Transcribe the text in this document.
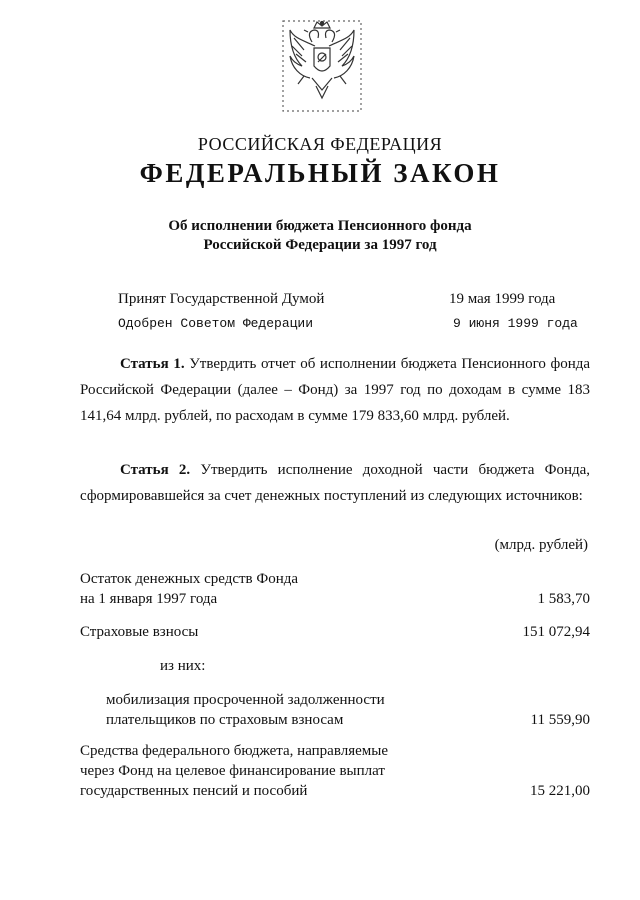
РОССИЙСКАЯ ФЕДЕРАЦИЯ
ФЕДЕРАЛЬНЫЙ ЗАКОН
Об исполнении бюджета Пенсионного фонда
Российской Федерации за 1997 год
Принят Государственной Думой	19 мая 1999 года
Одобрен Советом Федерации	9 июня 1999 года
Статья 1. Утвердить отчет об исполнении бюджета Пенсионного фонда Российской Федерации (далее – Фонд) за 1997 год по доходам в сумме 183 141,64 млрд. рублей, по расходам в сумме 179 833,60 млрд. рублей.
Статья 2. Утвердить исполнение доходной части бюджета Фонда, сформировавшейся за счет денежных поступлений из следующих источников:
(млрд. рублей)
Остаток денежных средств Фонда
на 1 января 1997 года	1 583,70
Страховые взносы	151 072,94
из них:
мобилизация просроченной задолженности
плательщиков по страховым взносам	11 559,90
Средства федерального бюджета, направляемые
через Фонд на целевое финансирование выплат
государственных пенсий и пособий	15 221,00
